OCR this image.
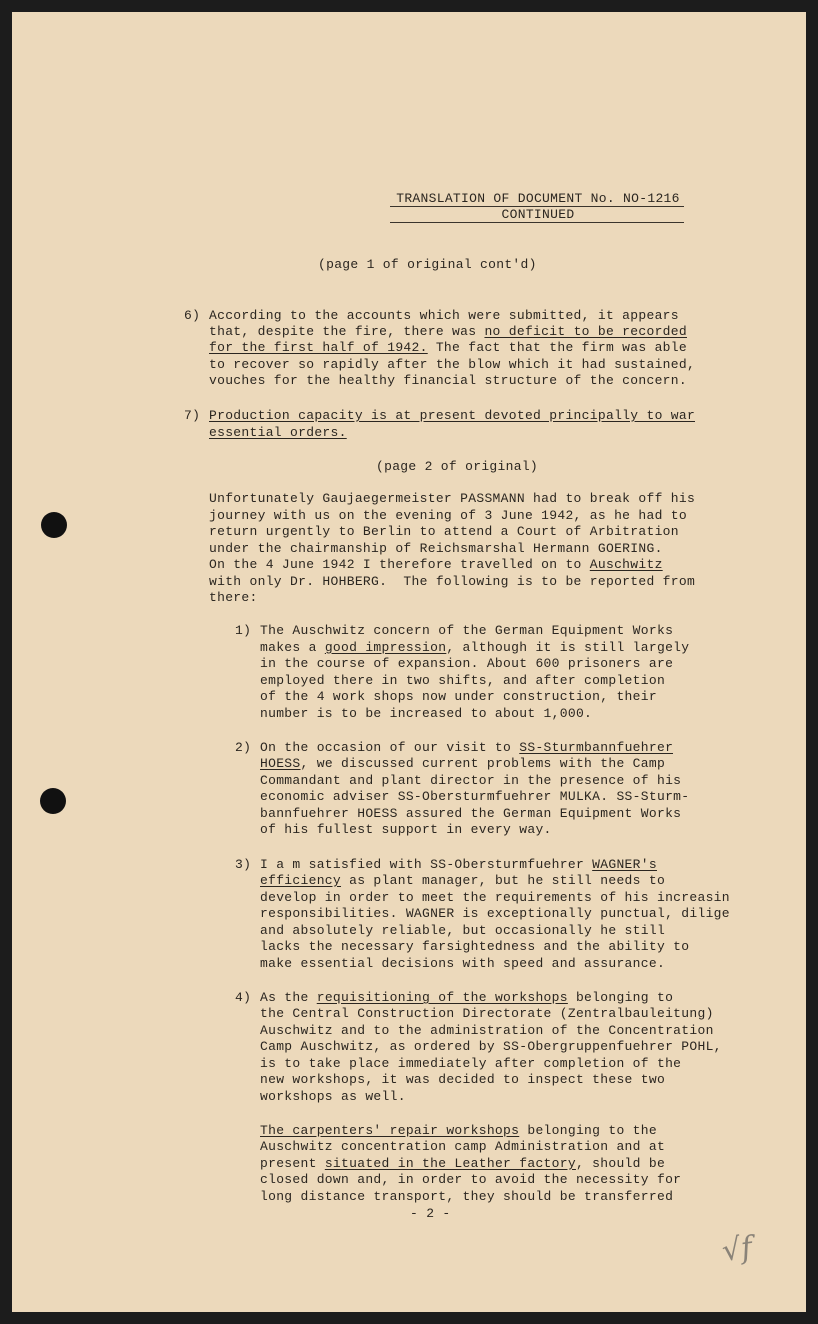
TRANSLATION OF DOCUMENT No. NO-1216
CONTINUED
(page 1 of original cont'd)
6) According to the accounts which were submitted, it appears
that, despite the fire, there was no deficit to be recorded
for the first half of 1942. The fact that the firm was able
to recover so rapidly after the blow which it had sustained,
vouches for the healthy financial structure of the concern.
7) Production capacity is at present devoted principally to war
essential orders.
(page 2 of original)
Unfortunately Gaujaegermeister PASSMANN had to break off his
journey with us on the evening of 3 June 1942, as he had to
return urgently to Berlin to attend a Court of Arbitration
under the chairmanship of Reichsmarshal Hermann GOERING.
On the 4 June 1942 I therefore travelled on to Auschwitz
with only Dr. HOHBERG.  The following is to be reported from
there:
1) The Auschwitz concern of the German Equipment Works
makes a good impression, although it is still largely
in the course of expansion. About 600 prisoners are
employed there in two shifts, and after completion
of the 4 work shops now under construction, their
number is to be increased to about 1,000.
2) On the occasion of our visit to SS-Sturmbannfuehrer
HOESS, we discussed current problems with the Camp
Commandant and plant director in the presence of his
economic adviser SS-Obersturmfuehrer MULKA. SS-Sturm-
bannfuehrer HOESS assured the German Equipment Works
of his fullest support in every way.
3) I a m satisfied with SS-Obersturmfuehrer WAGNER's
efficiency as plant manager, but he still needs to
develop in order to meet the requirements of his increasin
responsibilities. WAGNER is exceptionally punctual, dilige
and absolutely reliable, but occasionally he still
lacks the necessary farsightedness and the ability to
make essential decisions with speed and assurance.
4) As the requisitioning of the workshops belonging to
the Central Construction Directorate (Zentralbauleitung)
Auschwitz and to the administration of the Concentration
Camp Auschwitz, as ordered by SS-Obergruppenfuehrer POHL,
is to take place immediately after completion of the
new workshops, it was decided to inspect these two
workshops as well.
The carpenters' repair workshops belonging to the
Auschwitz concentration camp Administration and at
present situated in the Leather factory, should be
closed down and, in order to avoid the necessity for
long distance transport, they should be transferred
- 2 -
√f
